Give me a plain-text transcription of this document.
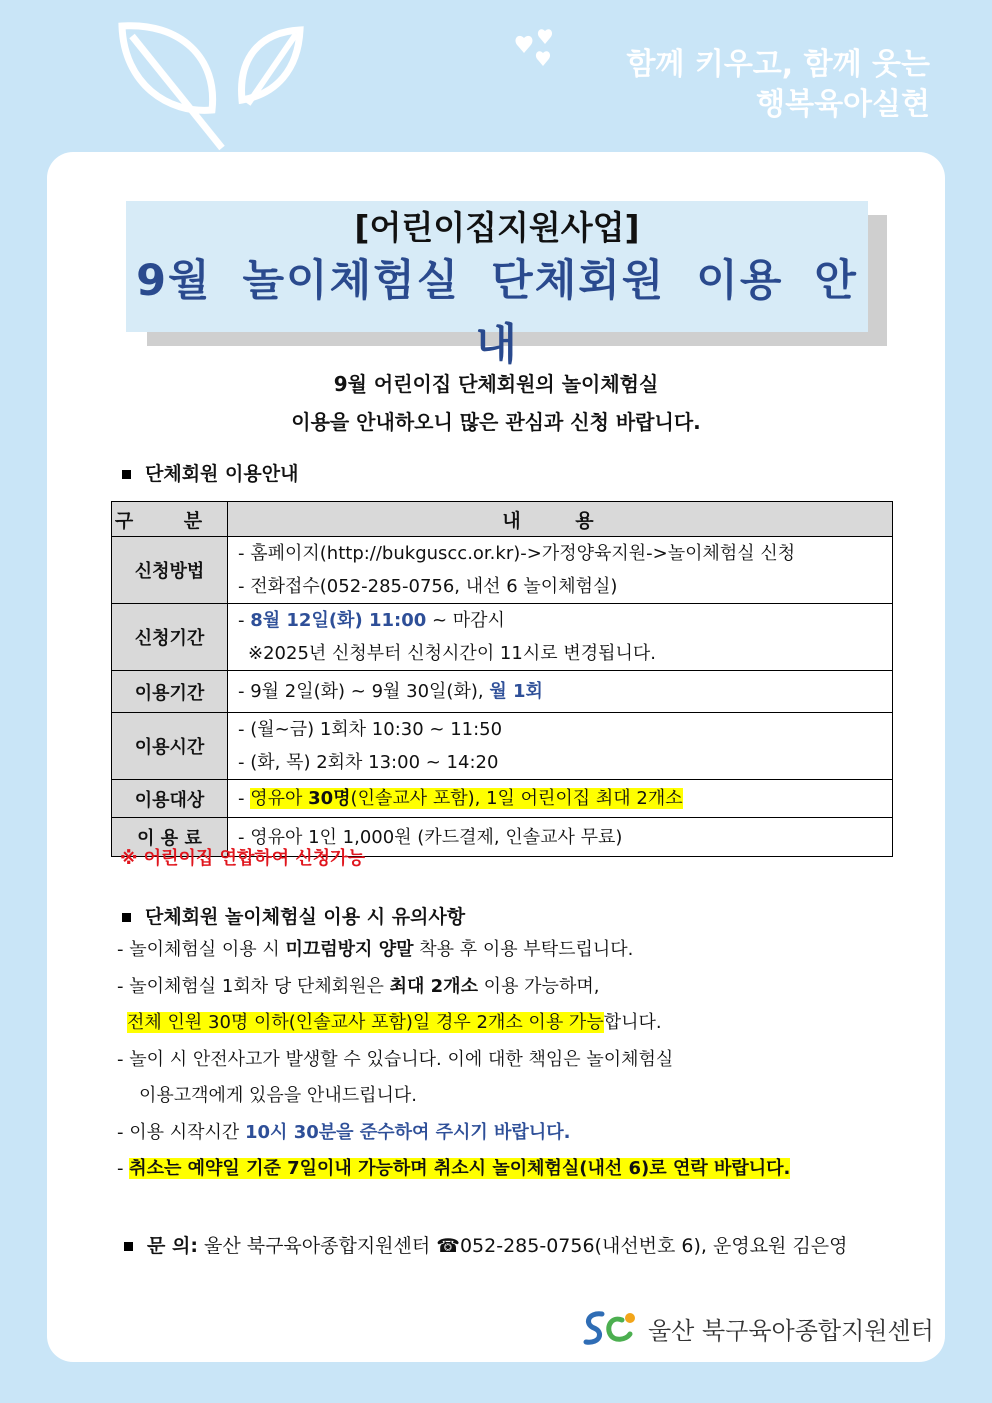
함께 키우고, 함께 웃는
행복육아실현
[어린이집지원사업]
9월 놀이체험실 단체회원 이용 안내
9월 어린이집 단체회원의 놀이체험실
이용을 안내하오니 많은 관심과 신청 바랍니다.
단체회원 이용안내
구 분	내 용
신청방법	- 홈페이지(http://bukguscc.or.kr)->가정양육지원->놀이체험실 신청
- 전화접수(052-285-0756, 내선 6 놀이체험실)

신청기간	- 8월 12일(화) 11:00 ~ 마감시
※2025년 신청부터 신청시간이 11시로 변경됩니다.

이용기간	- 9월 2일(화) ~ 9월 30일(화), 월 1회

이용시간	- (월~금) 1회차 10:30 ~ 11:50
- (화, 목) 2회차 13:00 ~ 14:20

이용대상	- 영유아 30명(인솔교사 포함), 1일 어린이집 최대 2개소

이 용 료	- 영유아 1인 1,000원 (카드결제, 인솔교사 무료)
※ 어린이집 연합하여 신청가능
단체회원 놀이체험실 이용 시 유의사항
- 놀이체험실 이용 시 미끄럼방지 양말 착용 후 이용 부탁드립니다.
- 놀이체험실 1회차 당 단체회원은 최대 2개소 이용 가능하며,
전체 인원 30명 이하(인솔교사 포함)일 경우 2개소 이용 가능합니다.
- 놀이 시 안전사고가 발생할 수 있습니다. 이에 대한 책임은 놀이체험실
이용고객에게 있음을 안내드립니다.
- 이용 시작시간 10시 30분을 준수하여 주시기 바랍니다.
- 취소는 예약일 기준 7일이내 가능하며 취소시 놀이체험실(내선 6)로 연락 바랍니다.
문 의: 울산 북구육아종합지원센터 ☎052-285-0756(내선번호 6), 운영요원 김은영
울산 북구육아종합지원센터
